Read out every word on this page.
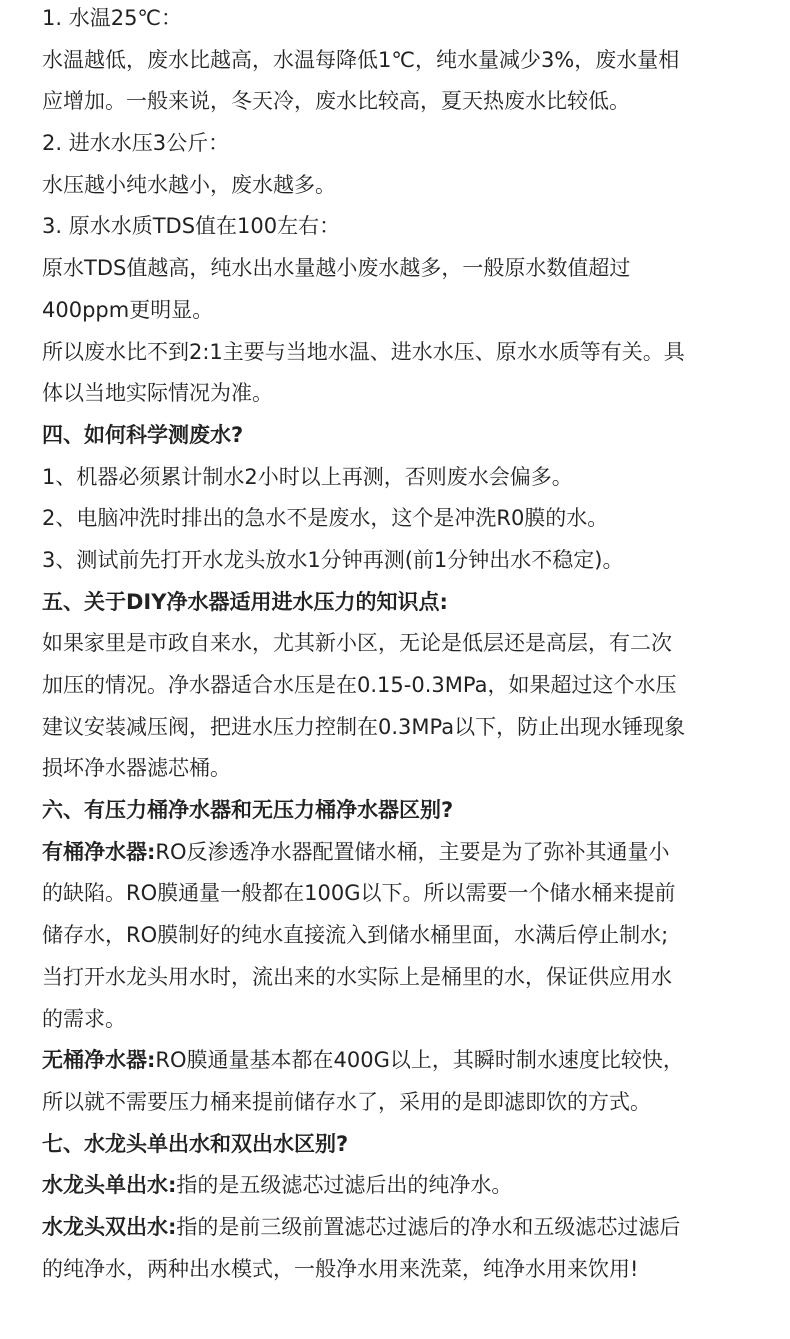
1. 水温25℃：

水温越低，废水比越高，水温每降低1℃，纯水量减少3%，废水量相

应增加。一般来说，冬天冷，废水比较高，夏天热废水比较低。

2. 进水水压3公斤：

水压越小纯水越小，废水越多。

3. 原水水质TDS值在100左右：

原水TDS值越高，纯水出水量越小废水越多，一般原水数值超过

400ppm更明显。

所以废水比不到2:1主要与当地水温、进水水压、原水水质等有关。具

体以当地实际情况为准。

四、如何科学测废水?

1、机器必须累计制水2小时以上再测，否则废水会偏多。

2、电脑冲洗时排出的急水不是废水，这个是冲洗R0膜的水。

3、测试前先打开水龙头放水1分钟再测(前1分钟出水不稳定)。

五、关于DIY净水器适用进水压力的知识点:

如果家里是市政自来水，尤其新小区，无论是低层还是高层，有二次

加压的情况。净水器适合水压是在0.15-0.3MPa，如果超过这个水压

建议安装减压阀，把进水压力控制在0.3MPa以下，防止出现水锤现象

损坏净水器滤芯桶。

六、有压力桶净水器和无压力桶净水器区别?

有桶净水器:RO反渗透净水器配置储水桶，主要是为了弥补其通量小

的缺陷。RO膜通量一般都在100G以下。所以需要一个储水桶来提前

储存水，RO膜制好的纯水直接流入到储水桶里面，水满后停止制水;

当打开水龙头用水时，流出来的水实际上是桶里的水，保证供应用水

的需求。

无桶净水器:RO膜通量基本都在400G以上，其瞬时制水速度比较快，

所以就不需要压力桶来提前储存水了，采用的是即滤即饮的方式。

七、水龙头单出水和双出水区别?

水龙头单出水:指的是五级滤芯过滤后出的纯净水。

水龙头双出水:指的是前三级前置滤芯过滤后的净水和五级滤芯过滤后

的纯净水，两种出水模式，一般净水用来洗菜，纯净水用来饮用!
